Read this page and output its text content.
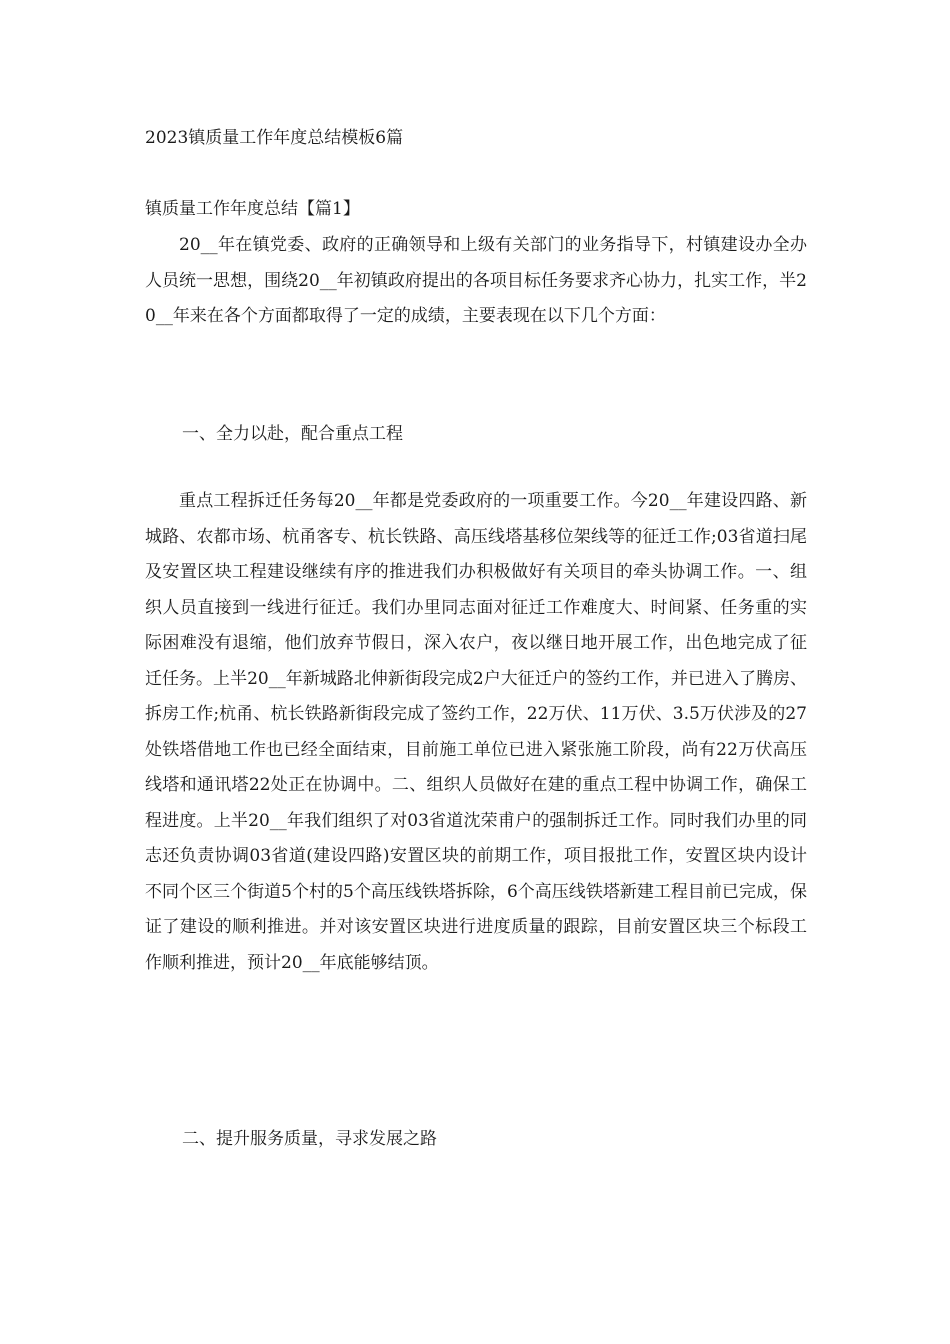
2023镇质量工作年度总结模板6篇
镇质量工作年度总结【篇1】

20__年在镇党委、政府的正确领导和上级有关部门的业务指导下，村镇建设办全办人员统一思想，围绕20__年初镇政府提出的各项目标任务要求齐心协力，扎实工作，半20__年来在各个方面都取得了一定的成绩，主要表现在以下几个方面：

一、全力以赴，配合重点工程

重点工程拆迁任务每20__年都是党委政府的一项重要工作。今20__年建设四路、新城路、农都市场、杭甬客专、杭长铁路、高压线塔基移位架线等的征迁工作;03省道扫尾及安置区块工程建设继续有序的推进我们办积极做好有关项目的牵头协调工作。一、组织人员直接到一线进行征迁。我们办里同志面对征迁工作难度大、时间紧、任务重的实际困难没有退缩，他们放弃节假日，深入农户，夜以继日地开展工作，出色地完成了征迁任务。上半20__年新城路北伸新街段完成2户大征迁户的签约工作，并已进入了腾房、拆房工作;杭甬、杭长铁路新街段完成了签约工作，22万伏、11万伏、3.5万伏涉及的27处铁塔借地工作也已经全面结束，目前施工单位已进入紧张施工阶段，尚有22万伏高压线塔和通讯塔22处正在协调中。二、组织人员做好在建的重点工程中协调工作，确保工程进度。上半20__年我们组织了对03省道沈荣甫户的强制拆迁工作。同时我们办里的同志还负责协调03省道(建设四路)安置区块的前期工作，项目报批工作，安置区块内设计不同个区三个街道5个村的5个高压线铁塔拆除，6个高压线铁塔新建工程目前已完成，保证了建设的顺利推进。并对该安置区块进行进度质量的跟踪，目前安置区块三个标段工作顺利推进，预计20__年底能够结顶。

二、提升服务质量，寻求发展之路
